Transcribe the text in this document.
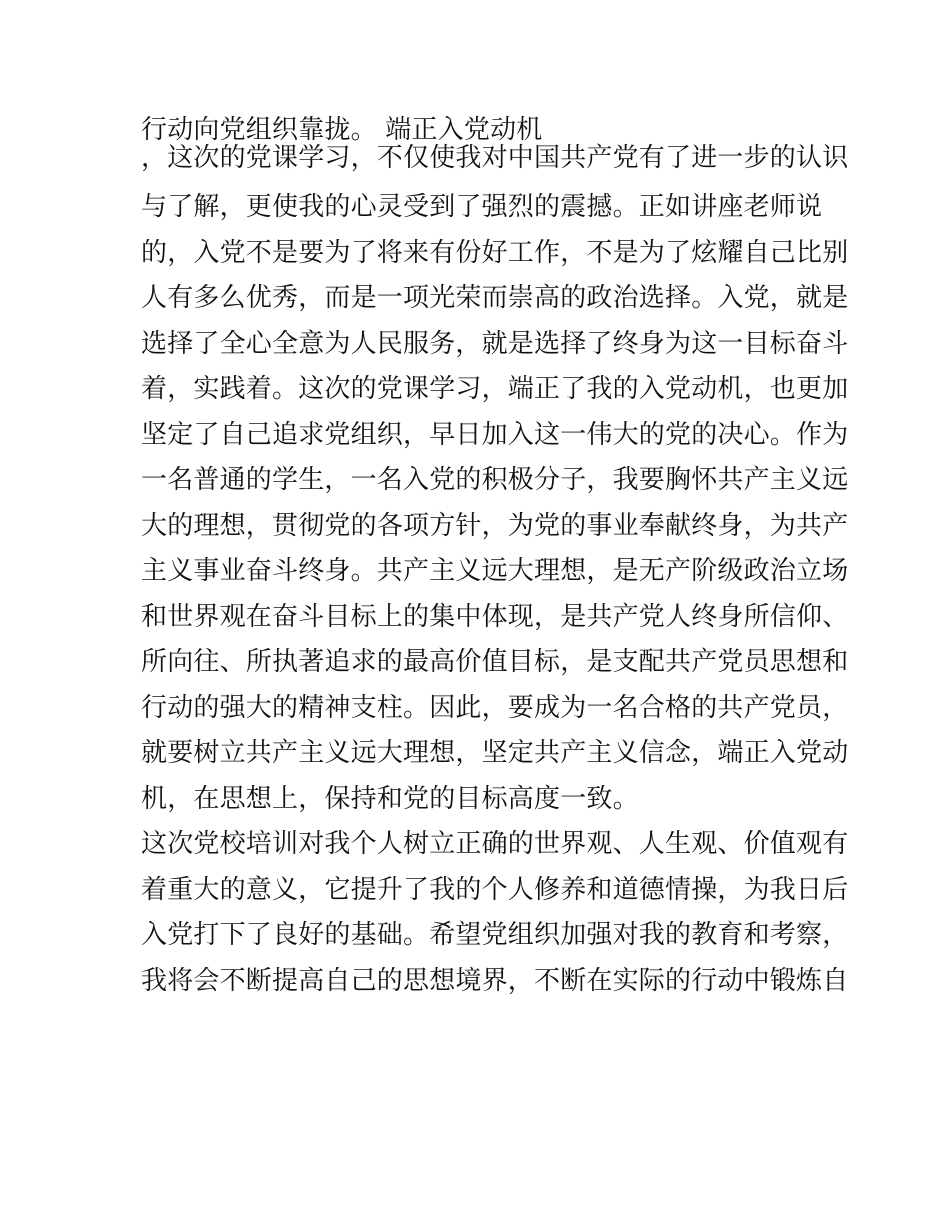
行动向党组织靠拢。 端正入党动机
，这次的党课学习，不仅使我对中国共产党有了进一步的认识
与了解，更使我的心灵受到了强烈的震撼。正如讲座老师说
的，入党不是要为了将来有份好工作，不是为了炫耀自己比别
人有多么优秀，而是一项光荣而崇高的政治选择。入党，就是
选择了全心全意为人民服务，就是选择了终身为这一目标奋斗
着，实践着。这次的党课学习，端正了我的入党动机，也更加
坚定了自己追求党组织，早日加入这一伟大的党的决心。作为
一名普通的学生，一名入党的积极分子，我要胸怀共产主义远
大的理想，贯彻党的各项方针，为党的事业奉献终身，为共产
主义事业奋斗终身。共产主义远大理想，是无产阶级政治立场
和世界观在奋斗目标上的集中体现，是共产党人终身所信仰、
所向往、所执著追求的最高价值目标，是支配共产党员思想和
行动的强大的精神支柱。因此，要成为一名合格的共产党员，
就要树立共产主义远大理想，坚定共产主义信念，端正入党动
机，在思想上，保持和党的目标高度一致。
这次党校培训对我个人树立正确的世界观、人生观、价值观有
着重大的意义，它提升了我的个人修养和道德情操，为我日后
入党打下了良好的基础。希望党组织加强对我的教育和考察，
我将会不断提高自己的思想境界，不断在实际的行动中锻炼自
